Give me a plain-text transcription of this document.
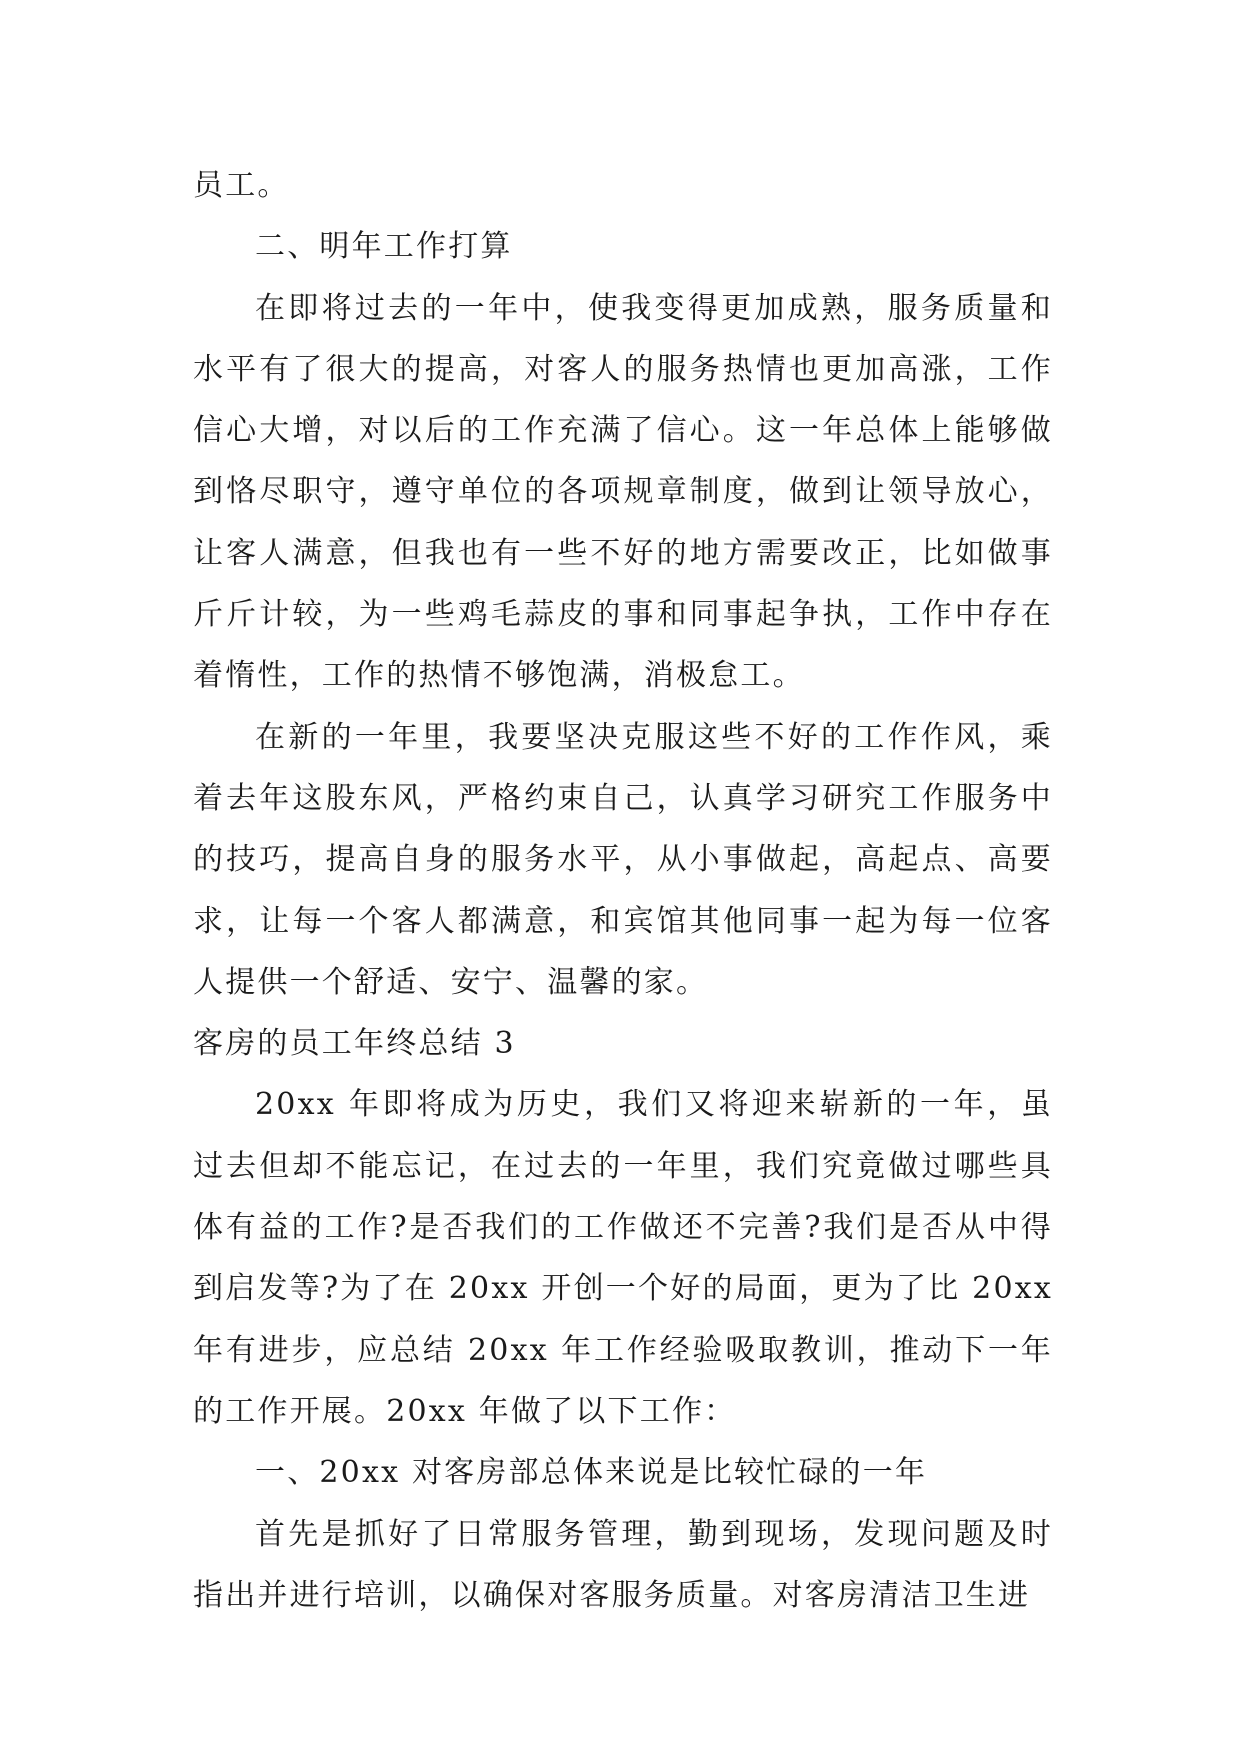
员工。

二、明年工作打算

在即将过去的一年中，使我变得更加成熟，服务质量和水平有了很大的提高，对客人的服务热情也更加高涨，工作信心大增，对以后的工作充满了信心。这一年总体上能够做到恪尽职守，遵守单位的各项规章制度，做到让领导放心，让客人满意，但我也有一些不好的地方需要改正，比如做事斤斤计较，为一些鸡毛蒜皮的事和同事起争执，工作中存在着惰性，工作的热情不够饱满，消极怠工。

在新的一年里，我要坚决克服这些不好的工作作风，乘着去年这股东风，严格约束自己，认真学习研究工作服务中的技巧，提高自身的服务水平，从小事做起，高起点、高要求，让每一个客人都满意，和宾馆其他同事一起为每一位客人提供一个舒适、安宁、温馨的家。

客房的员工年终总结 3

20xx 年即将成为历史，我们又将迎来崭新的一年，虽过去但却不能忘记，在过去的一年里，我们究竟做过哪些具体有益的工作?是否我们的工作做还不完善?我们是否从中得到启发等?为了在 20xx 开创一个好的局面，更为了比 20xx 年有进步，应总结 20xx 年工作经验吸取教训，推动下一年的工作开展。20xx 年做了以下工作：

一、20xx 对客房部总体来说是比较忙碌的一年

首先是抓好了日常服务管理，勤到现场，发现问题及时指出并进行培训，以确保对客服务质量。对客房清洁卫生进
